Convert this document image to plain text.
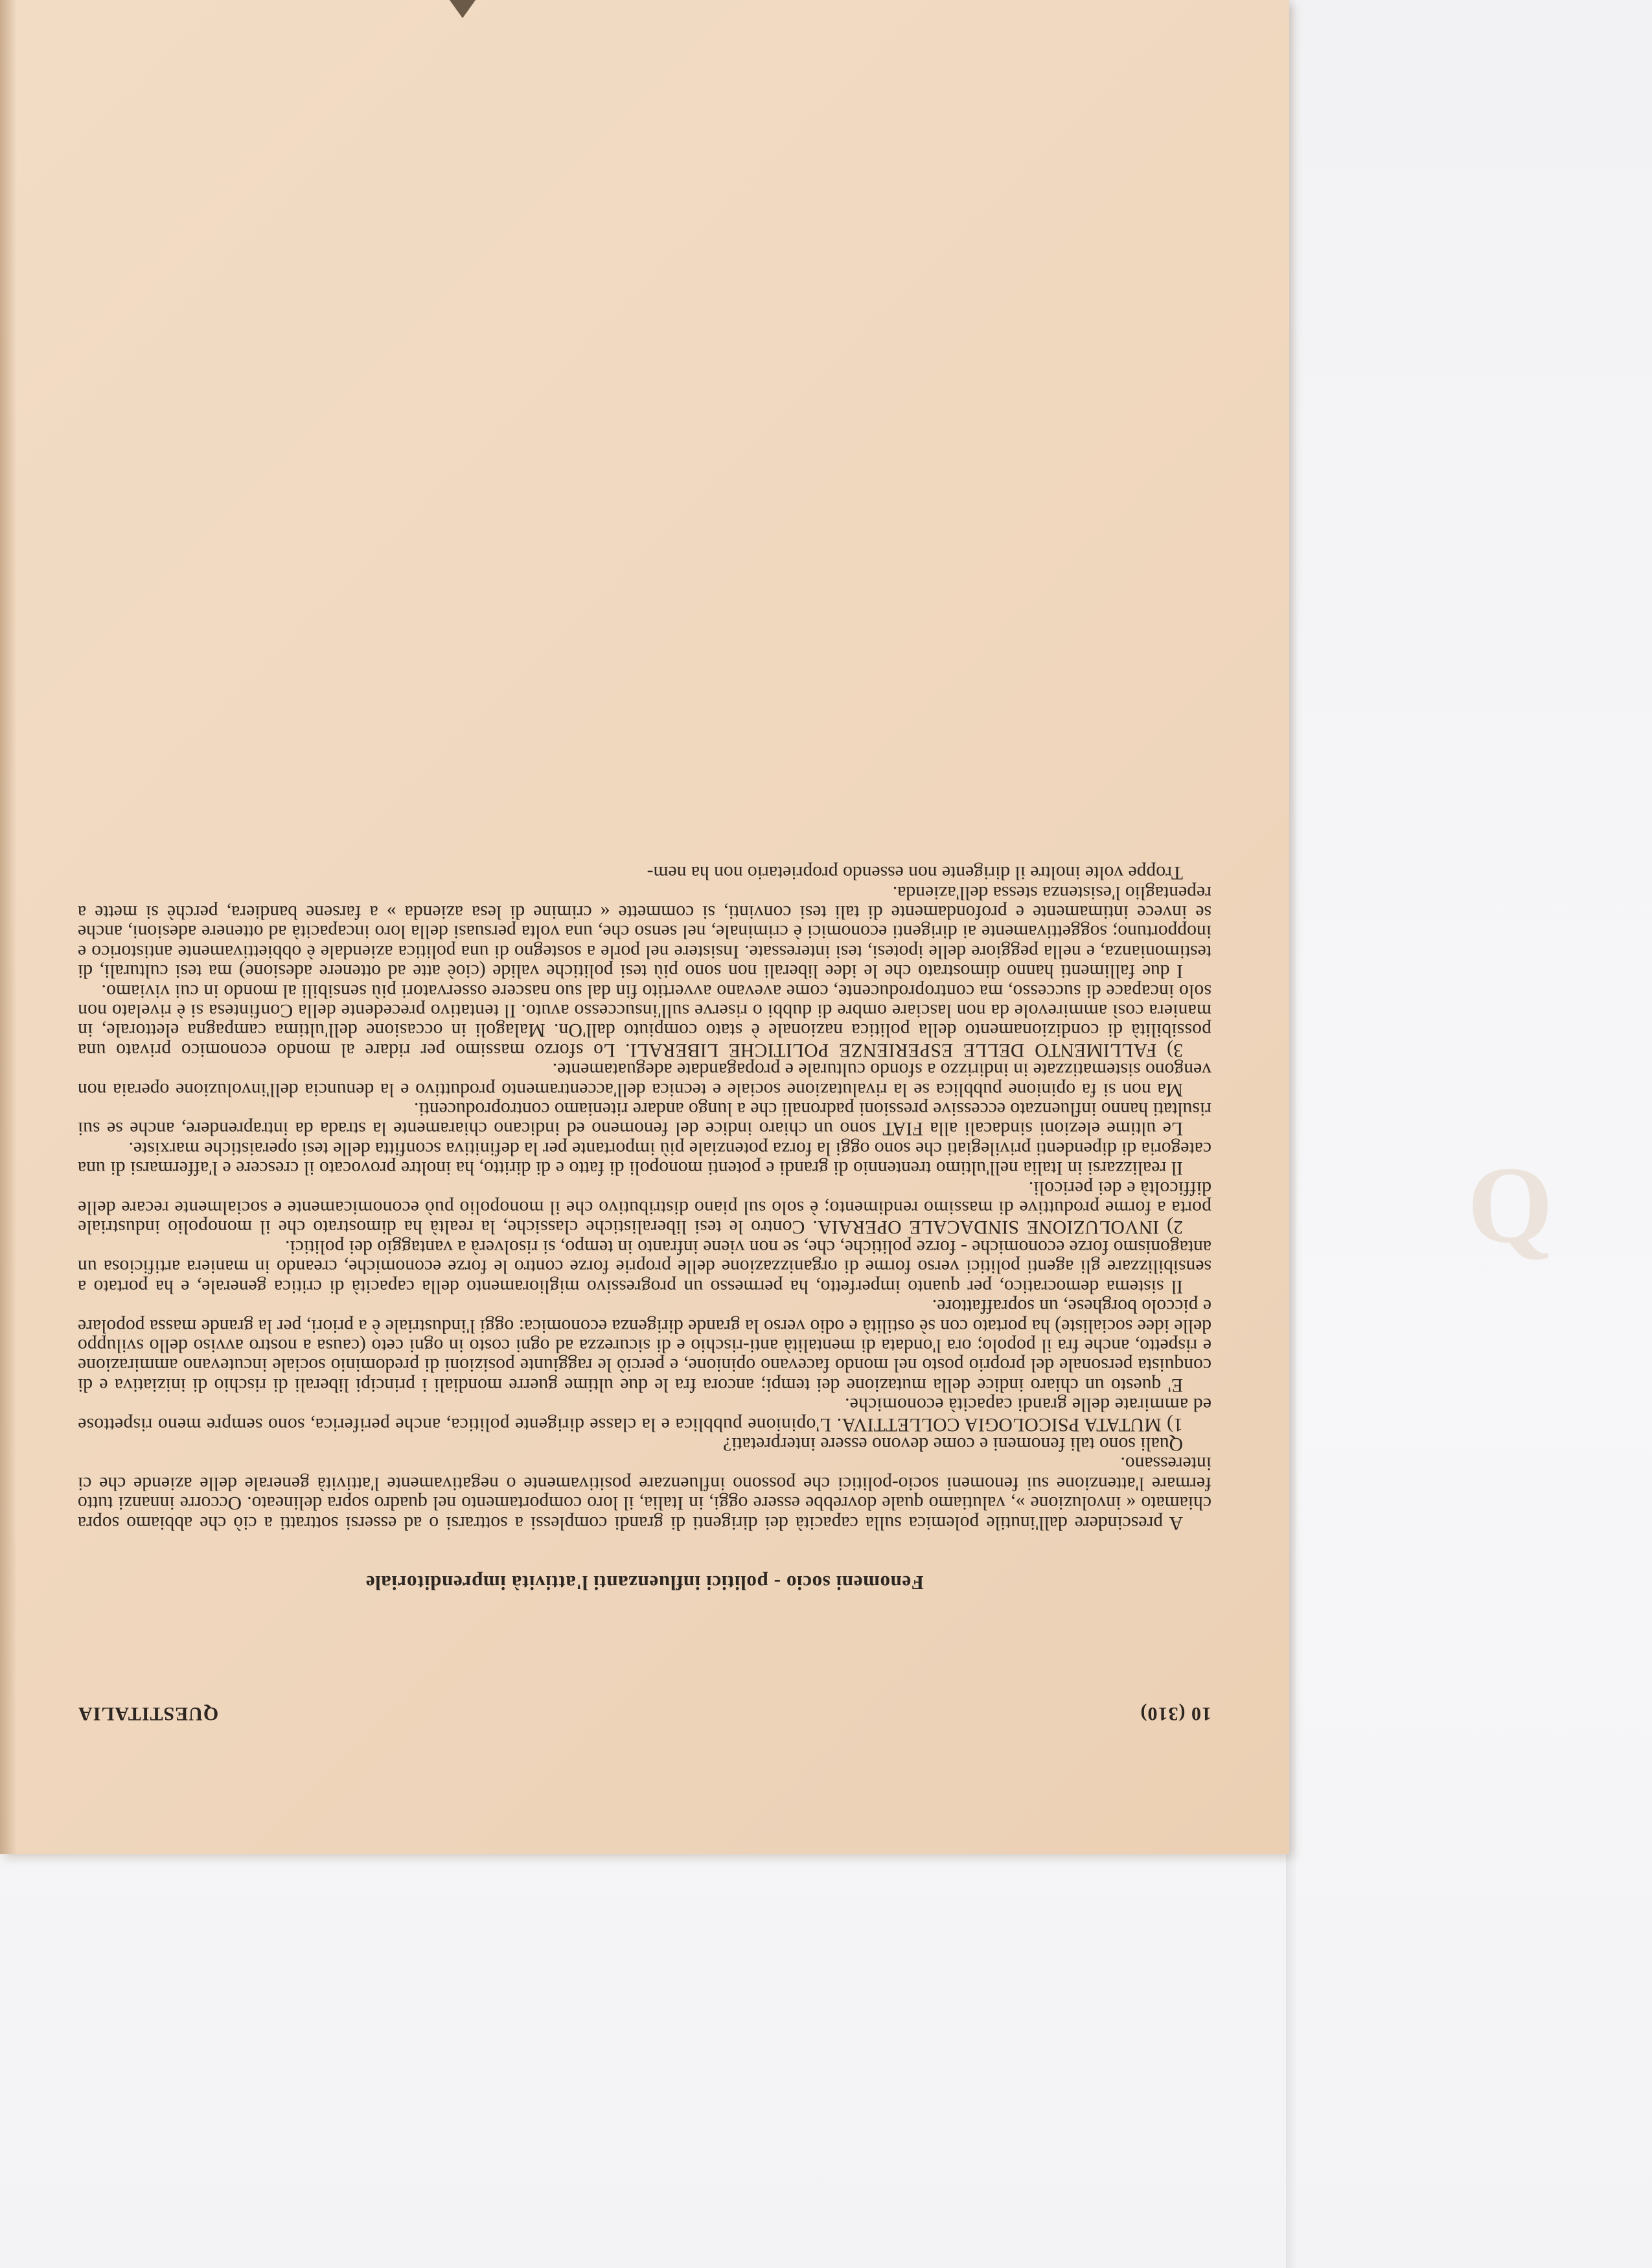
10 (310)
QUESTITALIA
Fenomeni socio - politici influenzanti l'attività imprenditoriale

A prescindere dall'inutile polemica sulla capacità dei dirigenti di grandi complessi a sottrarsi o ad essersi sottratti a ciò che abbiamo sopra chiamato « involuzione », valutiamo quale dovrebbe essere oggi, in Italia, il loro comportamento nel quadro sopra delineato. Occorre innanzi tutto fermare l'attenzione sui fenomeni socio-politici che possono influenzare positivamente o negativamente l'attività generale delle aziende che ci interessano.

Quali sono tali fenomeni e come devono essere interpretati?

1) MUTATA PSICOLOGIA COLLETTIVA. L'opinione pubblica e la classe dirigente politica, anche periferica, sono sempre meno rispettose ed ammirate delle grandi capacità economiche.

E' questo un chiaro indice della mutazione dei tempi; ancora fra le due ultime guerre mondiali i principi liberali di rischio di iniziativa e di conquista personale del proprio posto nel mondo facevano opinione, e perciò le raggiunte posizioni di predominio sociale incutevano ammirazione e rispetto, anche fra il popolo; ora l'ondata di mentalità anti-rischio e di sicurezza ad ogni costo in ogni ceto (causa a nostro avviso dello sviluppo delle idee socialiste) ha portato con sè ostilità e odio verso la grande dirigenza economica: oggi l'industriale è a priori, per la grande massa popolare e piccolo borghese, un sopraffattore.

Il sistema democratico, per quanto imperfetto, ha permesso un progressivo miglioramento della capacità di critica generale, e ha portato a sensibilizzare gli agenti politici verso forme di organizzazione delle proprie forze contro le forze economiche, creando in maniera artificiosa un antagonismo forze economiche - forze politiche, che, se non viene infranto in tempo, si risolverà a vantaggio dei politici.

2) INVOLUZIONE SINDACALE OPERAIA. Contro le tesi liberalistiche classiche, la realtà ha dimostrato che il monopolio industriale porta a forme produttive di massimo rendimento; è solo sul piano distributivo che il monopolio può economicamente e socialmente recare delle difficoltà e dei pericoli.

Il realizzarsi in Italia nell'ultimo trentennio di grandi e potenti monopoli di fatto e di diritto, ha inoltre provocato il crescere e l'affermarsi di una categoria di dipendenti privilegiati che sono oggi la forza potenziale più importante per la definitiva sconfitta delle tesi operaistiche marxiste.

Le ultime elezioni sindacali alla FIAT sono un chiaro indice del fenomeno ed indicano chiaramente la strada da intraprendere, anche se sui risultati hanno influenzato eccessive pressioni padronali che a lungo andare riteniamo controproducenti.

Ma non si fa opinione pubblica se la rivalutazione sociale e tecnica dell'accentramento produttivo e la denuncia dell'involuzione operaia non vengono sistematizzate in indirizzo a sfondo culturale e propagandate adeguatamente.

3) FALLIMENTO DELLE ESPERIENZE POLITICHE LIBERALI. Lo sforzo massimo per ridare al mondo economico privato una possibilità di condizionamento della politica nazionale è stato compiuto dall'On. Malagoli in occasione dell'ultima campagna elettorale, in maniera così ammirevole da non lasciare ombre di dubbi o riserve sull'insuccesso avuto. Il tentativo precedente della Confintesa si è rivelato non solo incapace di successo, ma controproducente, come avevano avvertito fin dal suo nascere osservatori più sensibili al mondo in cui viviamo.

I due fallimenti hanno dimostrato che le idee liberali non sono più tesi politiche valide (cioè atte ad ottenere adesione) ma tesi culturali, di testimonianza, e nella peggiore delle ipotesi, tesi interessate. Insistere nel porle a sostegno di una politica aziendale è obbiettivamente antistorico e inopportuno; soggettivamente ai dirigenti economici è criminale, nel senso che, una volta persuasi della loro incapacità ad ottenere adesioni, anche se invece intimamente e profondamente di tali tesi convinti, si commette « crimine di lesa azienda » a farsene bandiera, perchè si mette a repentaglio l'esistenza stessa dell'azienda.

Troppe volte inoltre il dirigente non essendo proprietario non ha nem-

Q
